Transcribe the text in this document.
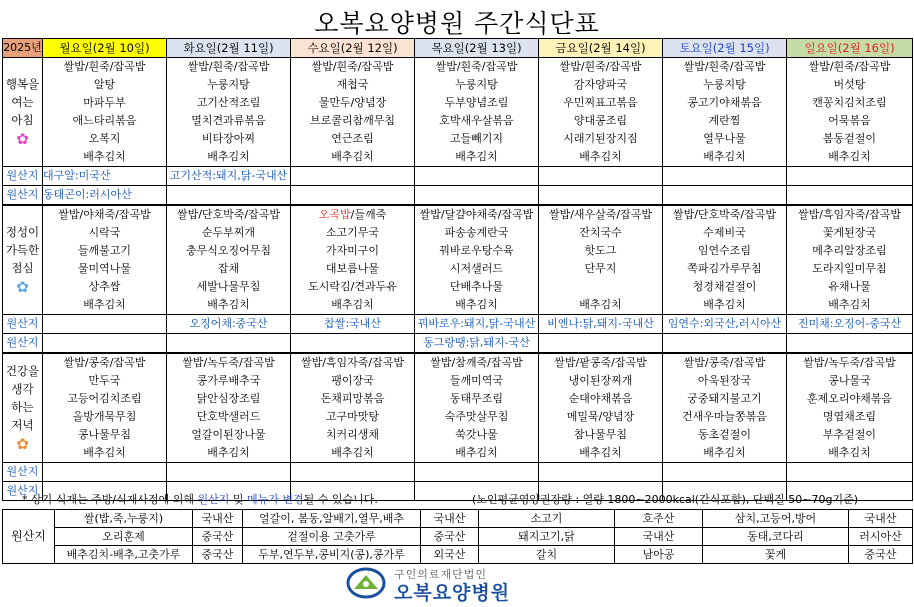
오복요양병원 주간식단표
2025년	월요일(2월 10일)	화요일(2월 11일)	수요일(2월 12일)	목요일(2월 13일)	금요일(2월 14일)	토요일(2월 15일)	일요일(2월 16일)

행복을
여는
아침
✿	쌀밥/흰죽/잡곡밥	쌀밥/흰죽/잡곡밥	쌀밥/흰죽/잡곡밥	쌀밥/흰죽/잡곡밥	쌀밥/흰죽/잡곡밥	쌀밥/흰죽/잡곡밥	쌀밥/흰죽/잡곡밥
	알탕	누룽지탕	재첩국	누룽지탕	감자양파국	누룽지탕	버섯탕
	마파두부	고기산적조림	물만두/양념장	두부양념조림	우민찌표고볶음	콩고기야채볶음	캔꽁치김치조림
	애느타리볶음	멸치견과류볶음	브로콜리참깨무침	호박새우살볶음	양대콩조림	계란찜	어묵볶음
	오복지	비타장아찌	연근조림	고들빼기지	시래기된장지짐	열무나물	봄동겉절이
	배추김치	배추김치	배추김치	배추김치	배추김치	배추김치	배추김치
원산지	대구알:미국산	고기산적:돼지,닭-국내산					
원산지	동태곤이:러시아산						

정성이
가득한
점심
✿	쌀밥/야채죽/잡곡밥	쌀밥/단호박죽/잡곡밥	오곡밥/들깨죽	쌀밥/달걀야채죽/잡곡밥	쌀밥/새우살죽/잡곡밥	쌀밥/단호박죽/잡곡밥	쌀밥/흑임자죽/잡곡밥
	시락국	순두부찌개	소고기무국	파송송계란국	잔치국수	수제비국	꽃게된장국
	들깨불고기	충무식오징어무침	가자미구이	꿔바로우탕수육	핫도그	임연수조림	메추리알장조림
	물미역나물	잡채	대보름나물	시저샐러드	단무지	쪽파김가루무침	도라지일미무침
	상추쌈	세발나물무침	도시락김/견과두유	단배추나물		청경채겉절이	유채나물
	배추김치	배추김치	배추김치	배추김치	배추김치	배추김치	배추김치
원산지		오징어채:중국산	찹쌀:국내산	꿔바로우:돼지,닭-국내산	비엔나:닭,돼지-국내산	임연수:외국산,러시아산	진미채:오징어-중국산
원산지				동그랑땡:닭,돼지-국산			

건강을
생각
하는
저녁
✿	쌀밥/콩죽/잡곡밥	쌀밥/녹두죽/잡곡밥	쌀밥/흑임자죽/잡곡밥	쌀밥/참깨죽/잡곡밥	쌀밥/팥콩죽/잡곡밥	쌀밥/콩죽/잡곡밥	쌀밥/녹두죽/잡곡밥
	만두국	콩가루배추국	팽이장국	들깨미역국	냉이된장찌개	아욱된장국	콩나물국
	고등어김치조림	닭안심장조림	돈채피망볶음	동태무조림	순대야채볶음	궁중돼지불고기	훈제오리야채볶음
	올방개묵무침	단호박샐러드	고구마맛탕	숙주맛살무침	메밀묵/양념장	건새우마늘쫑볶음	명엽채조림
	콩나물무침	얼갈이된장나물	치커리생채	쑥갓나물	참나물무침	동초겉절이	부추겉절이
	배추김치	배추김치	배추김치	배추김치	배추김치	배추김치	배추김치
원산지							
원산지							
* 상기 식재는 주방/식재사정에 의해 원산지 및 메뉴가 변경될 수 있습니다.	(노인평균영양권장량 : 열량 1800~2000kcal(간식포함), 단백질 50~70g기준)
원산지	쌀(밥,죽,누룽지)	국내산	얼갈이, 봄동,알배기,열무,배추	국내산	소고기	호주산	삼치,고등어,방어	국내산
	오리훈제	중국산	겉절이용 고춧가루	중국산	돼지고기,닭	국내산	동태,코다리	러시아산
	배추김치-배추,고춧가루	중국산	두부,연두부,콩비지(콩),콩가루	외국산	갈치	남아공	꽃게	중국산
구인의료재단법인
오복요양병원
